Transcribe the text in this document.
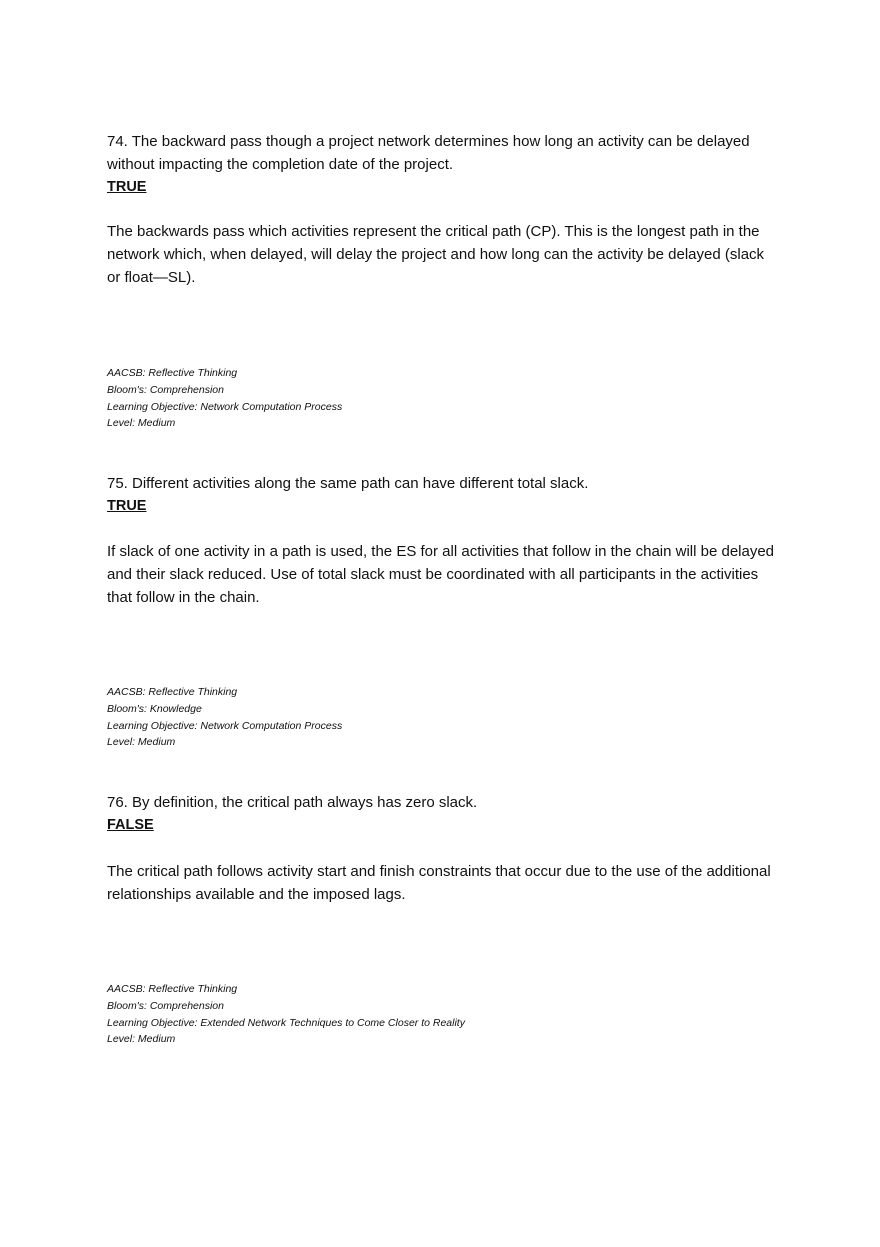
74. The backward pass though a project network determines how long an activity can be delayed without impacting the completion date of the project.

TRUE

The backwards pass which activities represent the critical path (CP). This is the longest path in the network which, when delayed, will delay the project and how long can the activity be delayed (slack or float—SL).

AACSB: Reflective Thinking
Bloom's: Comprehension
Learning Objective: Network Computation Process
Level: Medium

75. Different activities along the same path can have different total slack.

TRUE

If slack of one activity in a path is used, the ES for all activities that follow in the chain will be delayed and their slack reduced. Use of total slack must be coordinated with all participants in the activities that follow in the chain.

AACSB: Reflective Thinking
Bloom's: Knowledge
Learning Objective: Network Computation Process
Level: Medium

76. By definition, the critical path always has zero slack.

FALSE

The critical path follows activity start and finish constraints that occur due to the use of the additional relationships available and the imposed lags.

AACSB: Reflective Thinking
Bloom's: Comprehension
Learning Objective: Extended Network Techniques to Come Closer to Reality
Level: Medium
